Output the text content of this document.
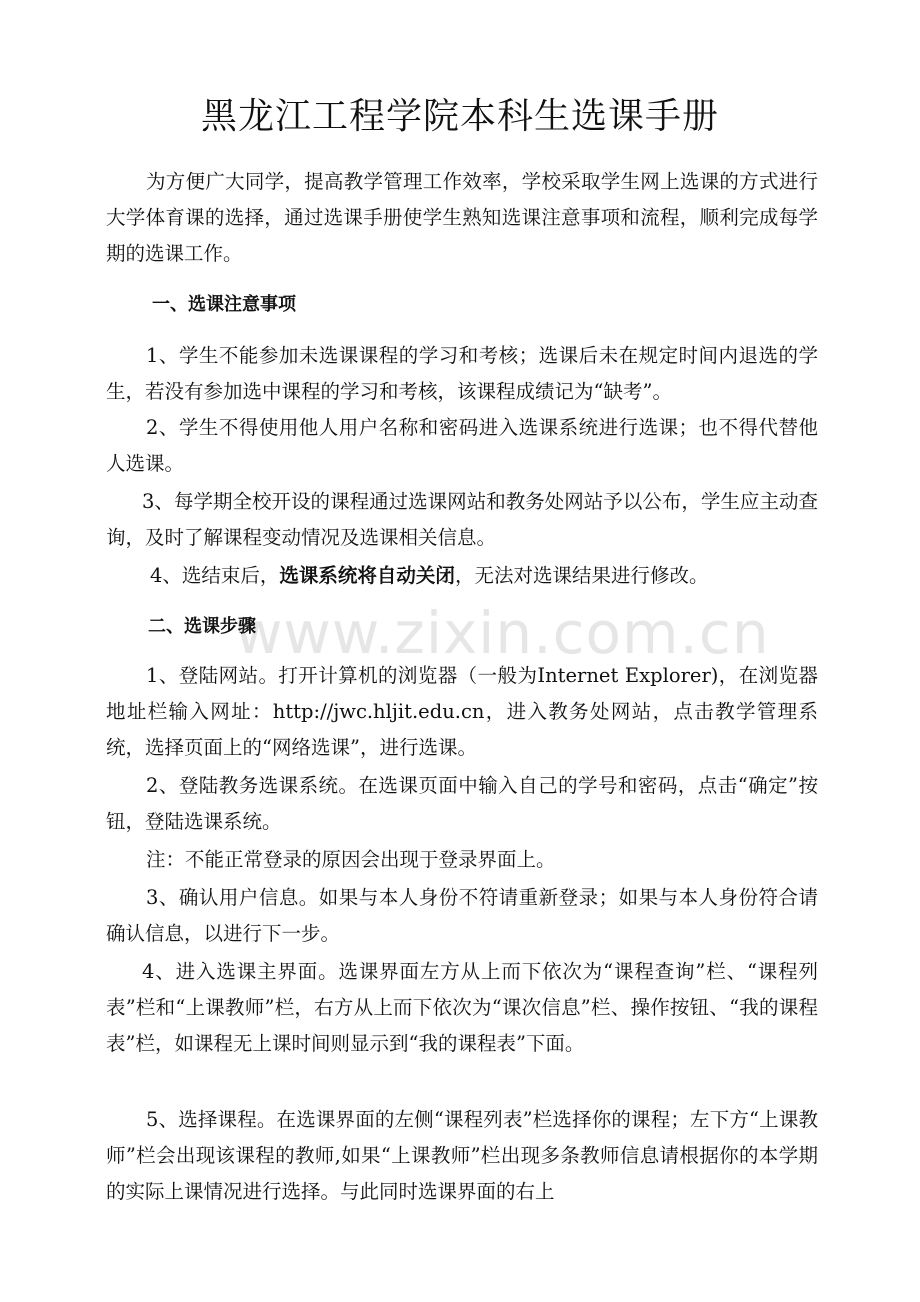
www.zixin.com.cn
黑龙江工程学院本科生选课手册

为方便广大同学，提高教学管理工作效率，学校采取学生网上选课的方式进行大学体育课的选择，通过选课手册使学生熟知选课注意事项和流程，顺利完成每学期的选课工作。

一、选课注意事项

1、学生不能参加未选课课程的学习和考核；选课后未在规定时间内退选的学生，若没有参加选中课程的学习和考核，该课程成绩记为“缺考”。

2、学生不得使用他人用户名称和密码进入选课系统进行选课；也不得代替他人选课。

3、每学期全校开设的课程通过选课网站和教务处网站予以公布，学生应主动查询，及时了解课程变动情况及选课相关信息。

4、选结束后，选课系统将自动关闭，无法对选课结果进行修改。

二、选课步骤

1、登陆网站。打开计算机的浏览器（一般为Internet Explorer)，在浏览器地址栏输入网址：http://jwc.hljit.edu.cn，进入教务处网站，点击教学管理系统，选择页面上的“网络选课”，进行选课。

2、登陆教务选课系统。在选课页面中输入自己的学号和密码，点击“确定”按钮，登陆选课系统。

注：不能正常登录的原因会出现于登录界面上。

3、确认用户信息。如果与本人身份不符请重新登录；如果与本人身份符合请确认信息，以进行下一步。

4、进入选课主界面。选课界面左方从上而下依次为“课程查询”栏、“课程列表”栏和“上课教师”栏，右方从上而下依次为“课次信息”栏、操作按钮、“我的课程表”栏，如课程无上课时间则显示到“我的课程表”下面。

5、选择课程。在选课界面的左侧“课程列表”栏选择你的课程；左下方“上课教师”栏会出现该课程的教师,如果“上课教师”栏出现多条教师信息请根据你的本学期的实际上课情况进行选择。与此同时选课界面的右上
